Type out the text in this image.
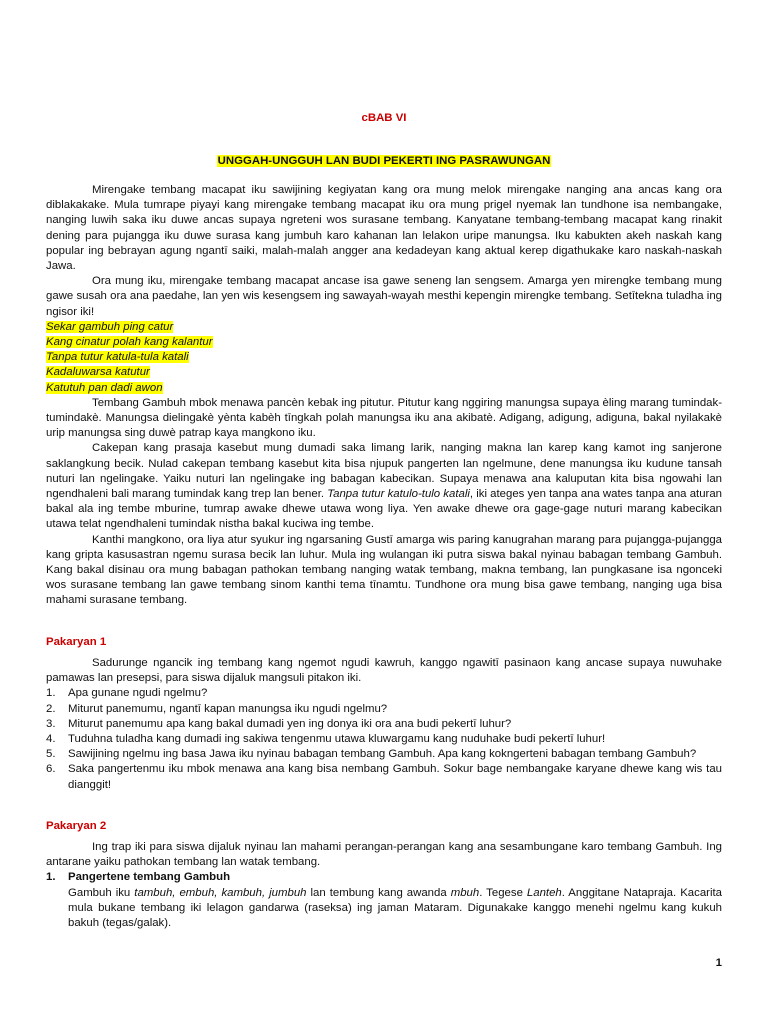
cBAB VI
UNGGAH-UNGGUH LAN BUDI PEKERTI ING PASRAWUNGAN

Mirengake tembang macapat iku sawijining kegiyatan kang ora mung melok mirengake nanging ana ancas kang ora diblakakake. Mula tumrape piyayi kang mirengake tembang macapat iku ora mung prigel nyemak lan tundhone isa nembangake, nanging luwih saka iku duwe ancas supaya ngreteni wos surasane tembang. Kanyatane tembang-tembang macapat kang rinakit dening para pujangga iku duwe surasa kang jumbuh karo kahanan lan lelakon uripe manungsa. Iku kabukten akeh naskah kang popular ing bebrayan agung ngantī saiki, malah-malah angger ana kedadeyan kang aktual kerep digathukake karo naskah-naskah Jawa.

Ora mung iku, mirengake tembang macapat ancase isa gawe seneng lan sengsem. Amarga yen mirengke tembang mung gawe susah ora ana paedahe, lan yen wis kesengsem ing sawayah-wayah mesthi kepengin mirengke tembang. Setītekna tuladha ing ngisor iki!

Sekar gambuh ping catur
Kang cinatur polah kang kalantur
Tanpa tutur katula-tula katali
Kadaluwarsa katutur
Katutuh pan dadi awon

Tembang Gambuh mbok menawa pancèn kebak ing pitutur. Pitutur kang nggiring manungsa supaya èling marang tumindak-tumindakè. Manungsa dielingakè yènta kabèh tīngkah polah manungsa iku ana akibatè. Adigang, adigung, adiguna, bakal nyilakakè urip manungsa sing duwè patrap kaya mangkono iku.

Cakepan kang prasaja kasebut mung dumadi saka limang larik, nanging makna lan karep kang kamot ing sanjerone saklangkung becik. Nulad cakepan tembang kasebut kita bisa njupuk pangerten lan ngelmune, dene manungsa iku kudune tansah nuturi lan ngelingake. Yaiku nuturi lan ngelingake ing babagan kabecikan. Supaya menawa ana kaluputan kita bisa ngowahi lan ngendhaleni bali marang tumindak kang trep lan bener. Tanpa tutur katulo-tulo katali, iki ateges yen tanpa ana wates tanpa ana aturan bakal ala ing tembe mburine, tumrap awake dhewe utawa wong liya. Yen awake dhewe ora gage-gage nuturi marang kabecikan utawa telat ngendhaleni tumindak nistha bakal kuciwa ing tembe.

Kanthi mangkono, ora liya atur syukur ing ngarsaning Gustī amarga wis paring kanugrahan marang para pujangga-pujangga kang gripta kasusastran ngemu surasa becik lan luhur. Mula ing wulangan iki putra siswa bakal nyinau babagan tembang Gambuh. Kang bakal disinau ora mung babagan pathokan tembang nanging watak tembang, makna tembang, lan pungkasane isa ngonceki wos surasane tembang lan gawe tembang sinom kanthi tema tīnamtu. Tundhone ora mung bisa gawe tembang, nanging uga bisa mahami surasane tembang.

Pakaryan 1

Sadurunge ngancik ing tembang kang ngemot ngudi kawruh, kanggo ngawitī pasinaon kang ancase supaya nuwuhake pamawas lan presepsi, para siswa dijaluk mangsuli pitakon iki.

1. Apa gunane ngudi ngelmu?
2. Miturut panemumu, ngantī kapan manungsa iku ngudi ngelmu?
3. Miturut panemumu apa kang bakal dumadi yen ing donya iki ora ana budi pekertī luhur?
4. Tuduhna tuladha kang dumadi ing sakiwa tengenmu utawa kluwargamu kang nuduhake budi pekertī luhur!
5. Sawijining ngelmu ing basa Jawa iku nyinau babagan tembang Gambuh. Apa kang kokngerteni babagan tembang Gambuh?
6. Saka pangertenmu iku mbok menawa ana kang bisa nembang Gambuh. Sokur bage nembangake karyane dhewe kang wis tau dianggit!
Pakaryan 2

Ing trap iki para siswa dijaluk nyinau lan mahami perangan-perangan kang ana sesambungane karo tembang Gambuh. Ing antarane yaiku pathokan tembang lan watak tembang.

1. Pangertene tembang Gambuh

Gambuh iku tambuh, embuh, kambuh, jumbuh lan tembung kang awanda mbuh. Tegese Lanteh. Anggitane Natapraja. Kacarita mula bukane tembang iki lelagon gandarwa (raseksa) ing jaman Mataram. Digunakake kanggo menehi ngelmu kang kukuh bakuh (tegas/galak).

1
